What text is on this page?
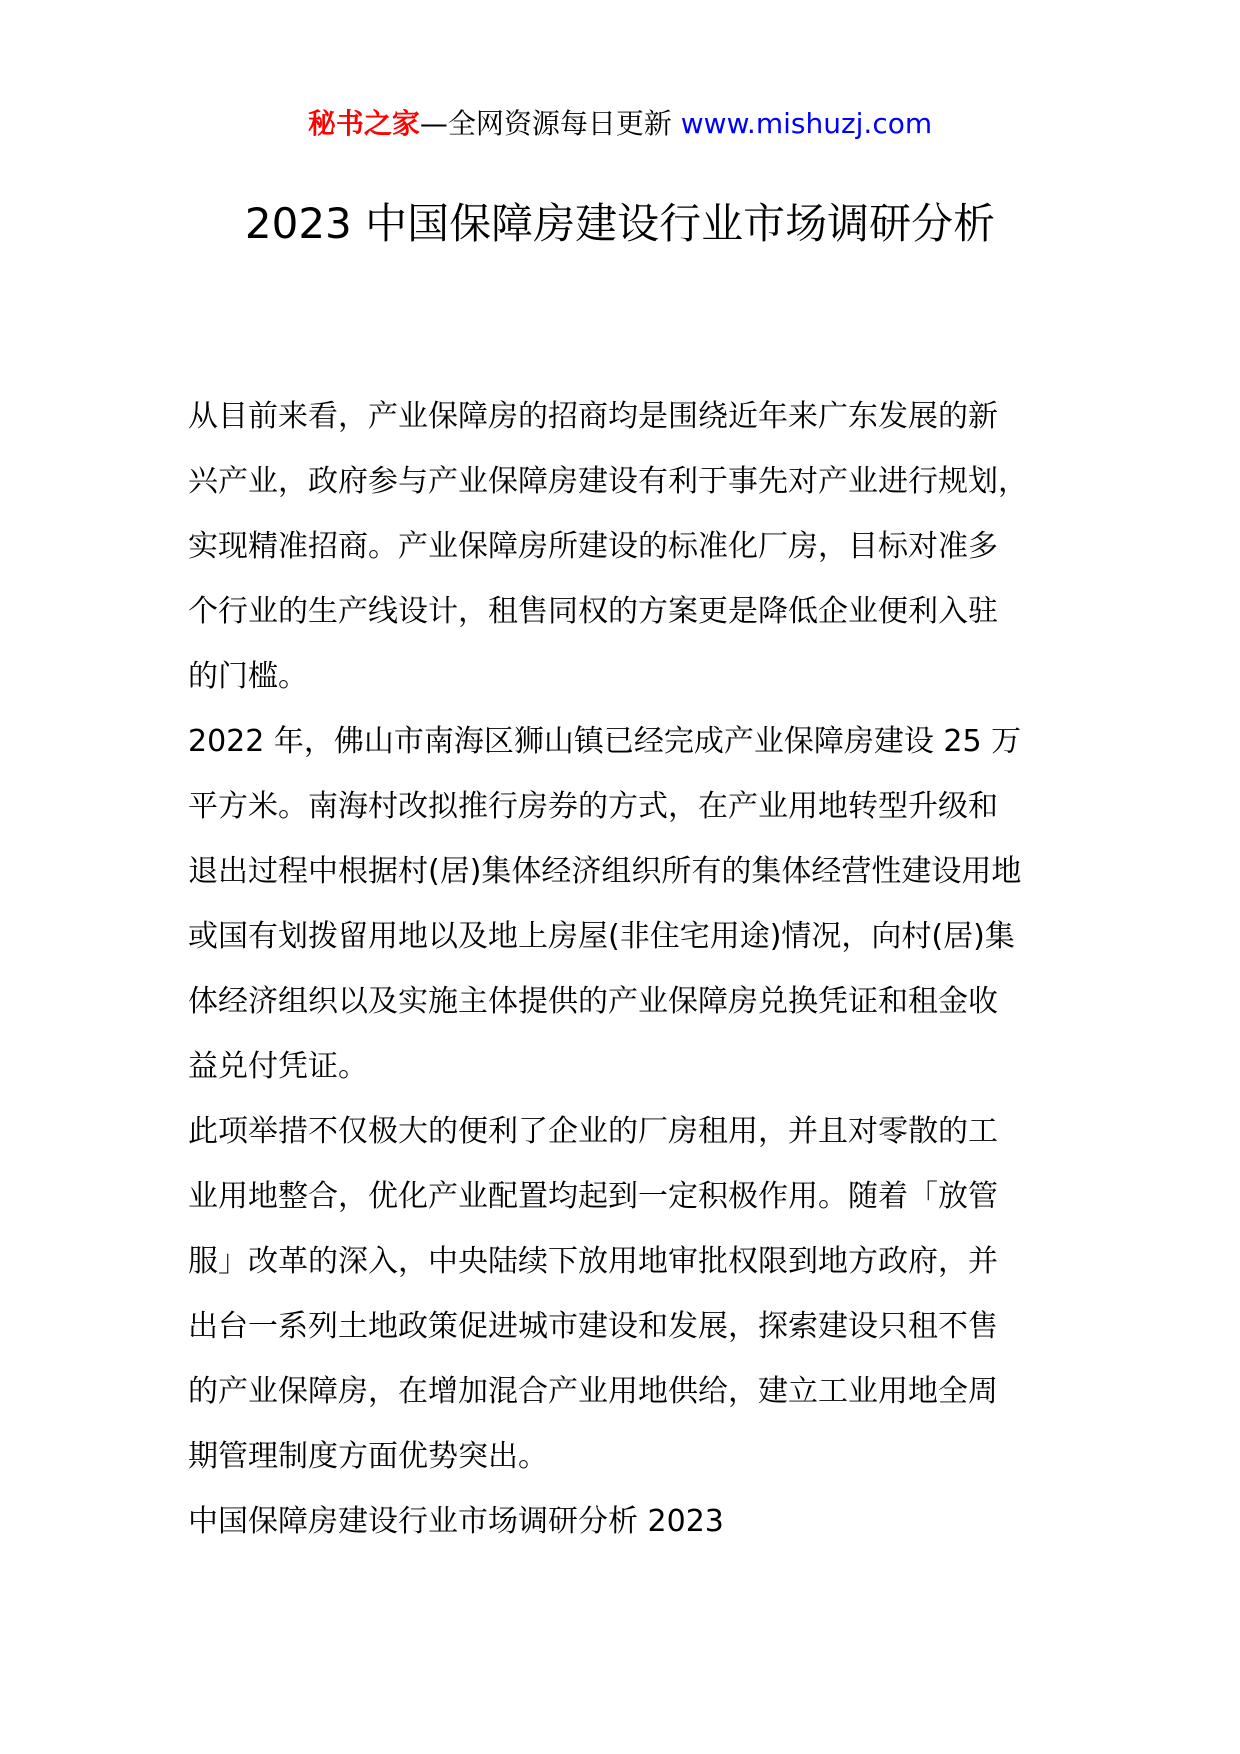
秘书之家—全网资源每日更新 www.mishuzj.com
2023 中国保障房建设行业市场调研分析

从目前来看，产业保障房的招商均是围绕近年来广东发展的新
兴产业，政府参与产业保障房建设有利于事先对产业进行规划，
实现精准招商。产业保障房所建设的标准化厂房，目标对准多
个行业的生产线设计，租售同权的方案更是降低企业便利入驻
的门槛。

2022 年，佛山市南海区狮山镇已经完成产业保障房建设 25 万
平方米。南海村改拟推行房券的方式，在产业用地转型升级和
退出过程中根据村(居)集体经济组织所有的集体经营性建设用地
或国有划拨留用地以及地上房屋(非住宅用途)情况，向村(居)集
体经济组织以及实施主体提供的产业保障房兑换凭证和租金收
益兑付凭证。

此项举措不仅极大的便利了企业的厂房租用，并且对零散的工
业用地整合，优化产业配置均起到一定积极作用。随着「放管
服」改革的深入，中央陆续下放用地审批权限到地方政府，并
出台一系列土地政策促进城市建设和发展，探索建设只租不售
的产业保障房，在增加混合产业用地供给，建立工业用地全周
期管理制度方面优势突出。

中国保障房建设行业市场调研分析 2023
